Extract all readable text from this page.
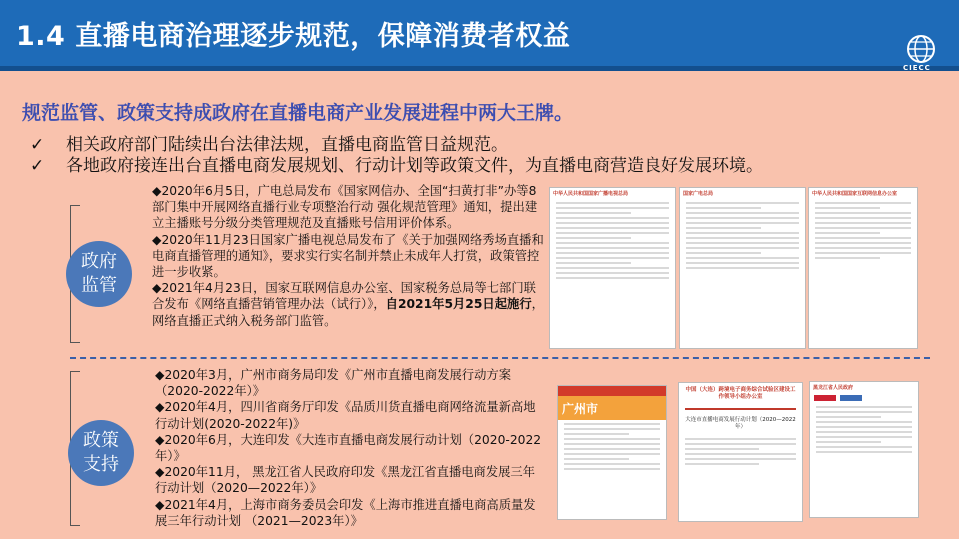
1.4 直播电商治理逐步规范，保障消费者权益
CIECC
规范监管、政策支持成政府在直播电商产业发展进程中两大王牌。
✓ 相关政府部门陆续出台法律法规，直播电商监管日益规范。
✓ 各地政府接连出台直播电商发展规划、行动计划等政策文件，为直播电商营造良好发展环境。
政府
监管

◆2020年6月5日，广电总局发布《国家网信办、全国“扫黄打非”办等8部门集中开展网络直播行业专项整治行动 强化规范管理》通知，提出建立主播账号分级分类管理规范及直播账号信用评价体系。

◆2020年11月23日国家广播电视总局发布了《关于加强网络秀场直播和电商直播管理的通知》，要求实行实名制并禁止未成年人打赏，政策管控进一步收紧。

◆2021年4月23日，国家互联网信息办公室、国家税务总局等七部门联合发布《网络直播营销管理办法（试行）》，自2021年5月25日起施行，网络直播正式纳入税务部门监管。

中华人民共和国国家广播电视总局	国家广电总局	中华人民共和国国家互联网信息办公室
政策
支持

◆2020年3月，广州市商务局印发《广州市直播电商发展行动方案（2020-2022年）》

◆2020年4月，四川省商务厅印发《品质川货直播电商网络流量新高地行动计划(2020-2022年)》

◆2020年6月，大连印发《大连市直播电商发展行动计划（2020-2022年）》

◆2020年11月， 黑龙江省人民政府印发《黑龙江省直播电商发展三年行动计划（2020—2022年）》

◆2021年4月，上海市商务委员会印发《上海市推进直播电商高质量发展三年行动计划 （2021—2023年）》

广州市
中国（大连）跨境电子商务综合试验区建设工作领导小组办公室
大连市直播电商发展行动计划（2020—2022年）
黑龙江省人民政府
